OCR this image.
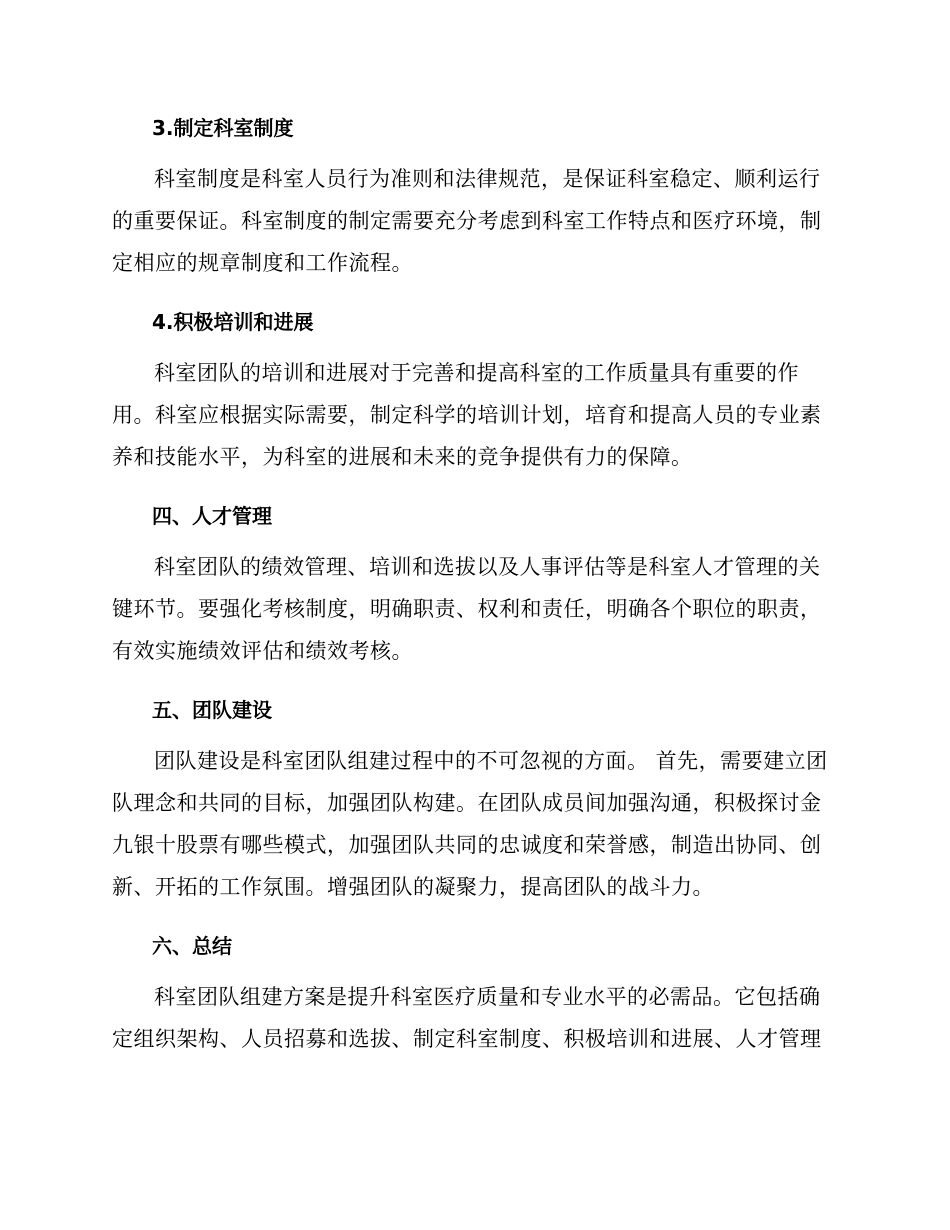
3.制定科室制度

科室制度是科室人员行为准则和法律规范，是保证科室稳定、顺利运行
的重要保证。科室制度的制定需要充分考虑到科室工作特点和医疗环境，制
定相应的规章制度和工作流程。

4.积极培训和进展

科室团队的培训和进展对于完善和提高科室的工作质量具有重要的作
用。科室应根据实际需要，制定科学的培训计划，培育和提高人员的专业素
养和技能水平，为科室的进展和未来的竞争提供有力的保障。

四、人才管理

科室团队的绩效管理、培训和选拔以及人事评估等是科室人才管理的关
键环节。要强化考核制度，明确职责、权利和责任，明确各个职位的职责，
有效实施绩效评估和绩效考核。

五、团队建设

团队建设是科室团队组建过程中的不可忽视的方面。 首先，需要建立团
队理念和共同的目标，加强团队构建。在团队成员间加强沟通，积极探讨金
九银十股票有哪些模式，加强团队共同的忠诚度和荣誉感，制造出协同、创
新、开拓的工作氛围。增强团队的凝聚力，提高团队的战斗力。

六、总结

科室团队组建方案是提升科室医疗质量和专业水平的必需品。它包括确
定组织架构、人员招募和选拔、制定科室制度、积极培训和进展、人才管理
